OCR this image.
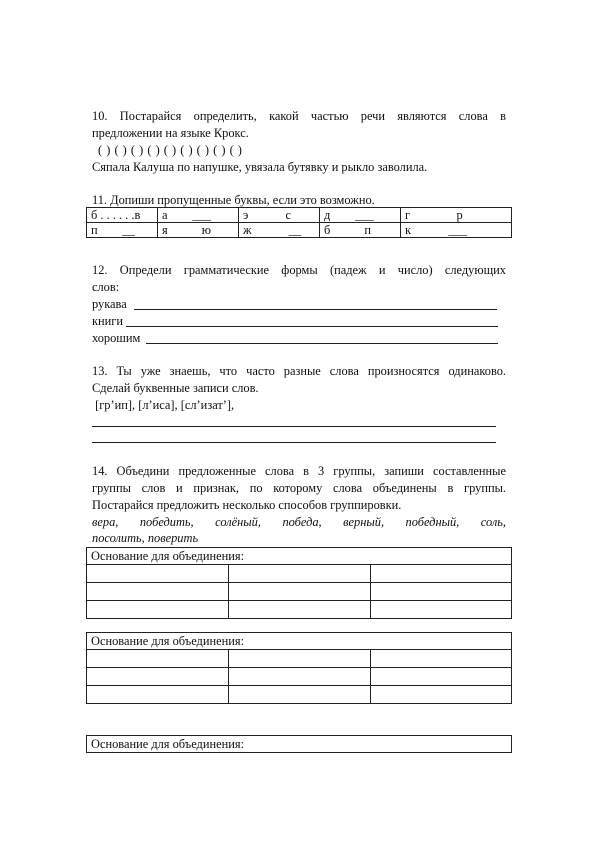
10. Постарайся определить, какой частью речи являются слова в
предложении на языке Крокс.
( ) ( ) ( ) ( ) ( ) ( ) ( ) ( ) ( )
Сяпала Калуша по напушке, увязала бутявку и рыкло заволила.
11. Допиши пропущенные буквы, если это возможно.
б . . . . . .в	а        ___	э            с	д        ___	г               р
п        __	я           ю	ж            __	б           п	к            ___
12. Определи грамматические формы (падеж и число) следующих
слов:
рукава
книги
хорошим
13. Ты уже знаешь, что часто разные слова произносятся одинаково.
Сделай буквенные записи слов.
[гр’ип], [л’иса], [сл’изат’],
14. Объедини предложенные слова в 3 группы, запиши составленные
группы слов и признак, по которому слова объединены в группы.
Постарайся предложить несколько способов группировки.
вера, победить, солёный, победа, верный, победный, соль,
посолить, поверить
Основание для объединения:		

Основание для объединения:		

Основание для объединения:
